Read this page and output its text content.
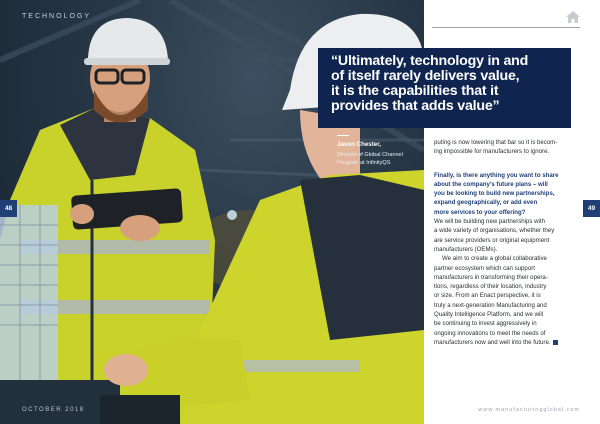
TECHNOLOGY
OCTOBER 2018
48
“Ultimately, technology in and
of itself rarely delivers value,
it is the capabilities that it
provides that adds value”
Jason Chester,
Director of Global Channel
Program at InfinityQS

puting is now lowering that bar so it is becom-
ing impossible for manufacturers to ignore.

Finally, is there anything you want to share
about the company’s future plans – will
you be looking to build new partnerships,
expand geographically, or add even
more services to your offering?

We will be building new partnerships with
a wide variety of organisations, whether they
are service providers or original equipment
manufacturers (OEMs).

We aim to create a global collaborative
partner ecosystem which can support
manufacturers in transforming their opera-
tions, regardless of their location, industry
or size. From an Enact perspective, it is
truly a next-generation Manufacturing and
Quality Intelligence Platform, and we will
be continuing to invest aggressively in
ongoing innovations to meet the needs of
manufacturers now and well into the future.

49
www.manufacturingglobal.com
